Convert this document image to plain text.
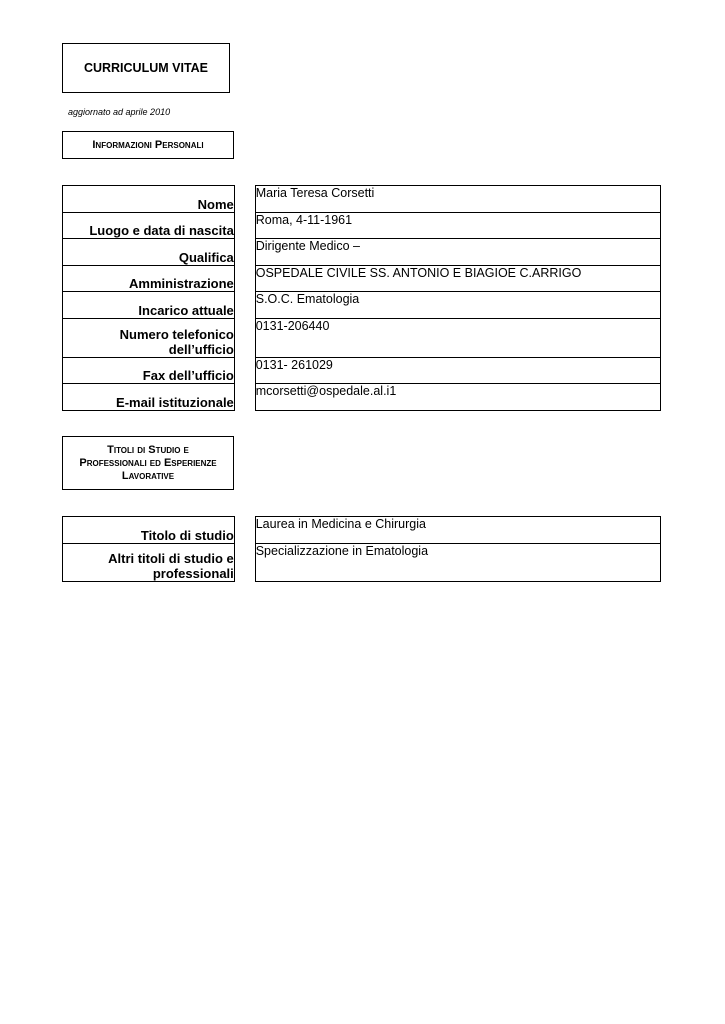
CURRICULUM VITAE
aggiornato ad aprile 2010
Informazioni Personali
Nome		Maria Teresa Corsetti
Luogo e data di nascita		Roma, 4-11-1961
Qualifica		Dirigente Medico –
Amministrazione		OSPEDALE CIVILE SS. ANTONIO E BIAGIOE C.ARRIGO
Incarico attuale		S.O.C. Ematologia
Numero telefonico dell’ufficio		0131-206440
Fax dell’ufficio		0131- 261029
E-mail istituzionale		mcorsetti@ospedale.al.i1
Titoli di Studio e Professionali ed Esperienze Lavorative
Titolo di studio		Laurea in Medicina e Chirurgia
Altri titoli di studio e professionali		Specializzazione in Ematologia
